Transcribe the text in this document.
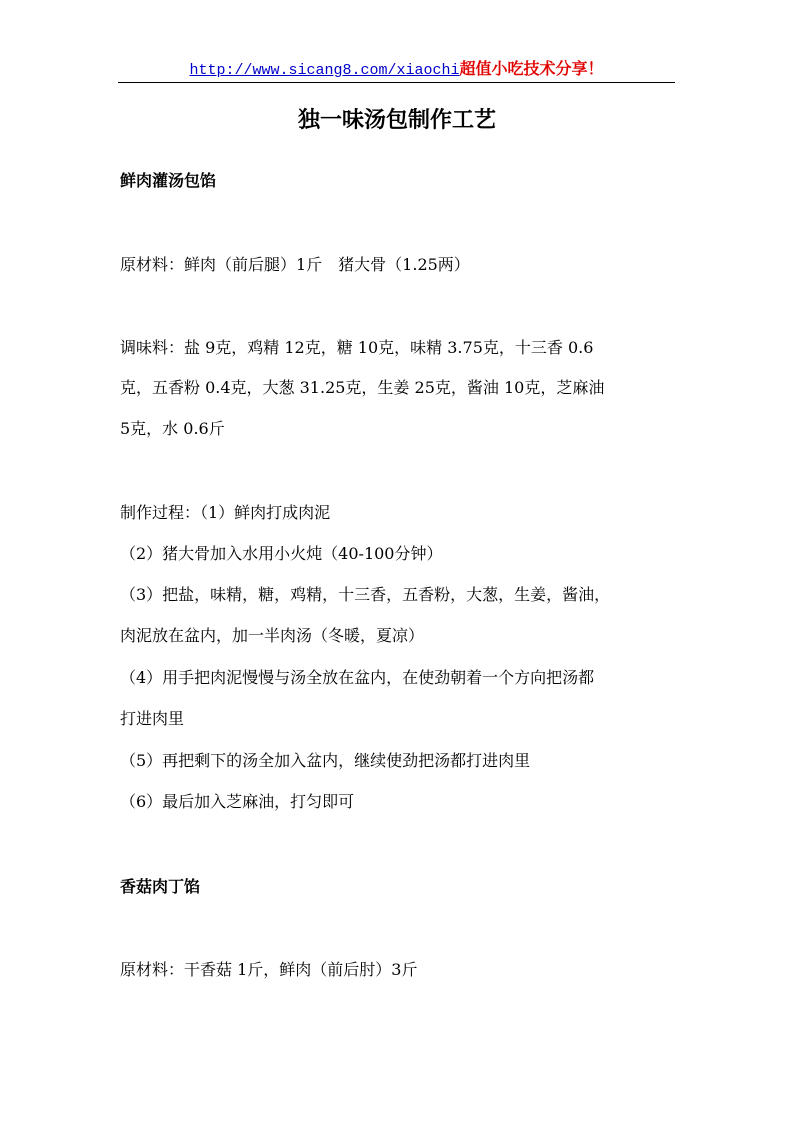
http://www.sicang8.com/xiaochi超值小吃技术分享！
独一味汤包制作工艺
鲜肉灌汤包馅
原材料：鲜肉（前后腿）1斤　猪大骨（1.25两）
调味料：盐 9克，鸡精 12克，糖 10克，味精 3.75克，十三香 0.6
克，五香粉 0.4克，大葱 31.25克，生姜 25克，酱油 10克，芝麻油
5克，水 0.6斤
制作过程：（1）鲜肉打成肉泥
（2）猪大骨加入水用小火炖（40-100分钟）
（3）把盐，味精，糖，鸡精，十三香，五香粉，大葱，生姜，酱油，
肉泥放在盆内，加一半肉汤（冬暖，夏凉）
（4）用手把肉泥慢慢与汤全放在盆内，在使劲朝着一个方向把汤都
打进肉里
（5）再把剩下的汤全加入盆内，继续使劲把汤都打进肉里
（6）最后加入芝麻油，打匀即可
香菇肉丁馅
原材料：干香菇 1斤，鲜肉（前后肘）3斤
